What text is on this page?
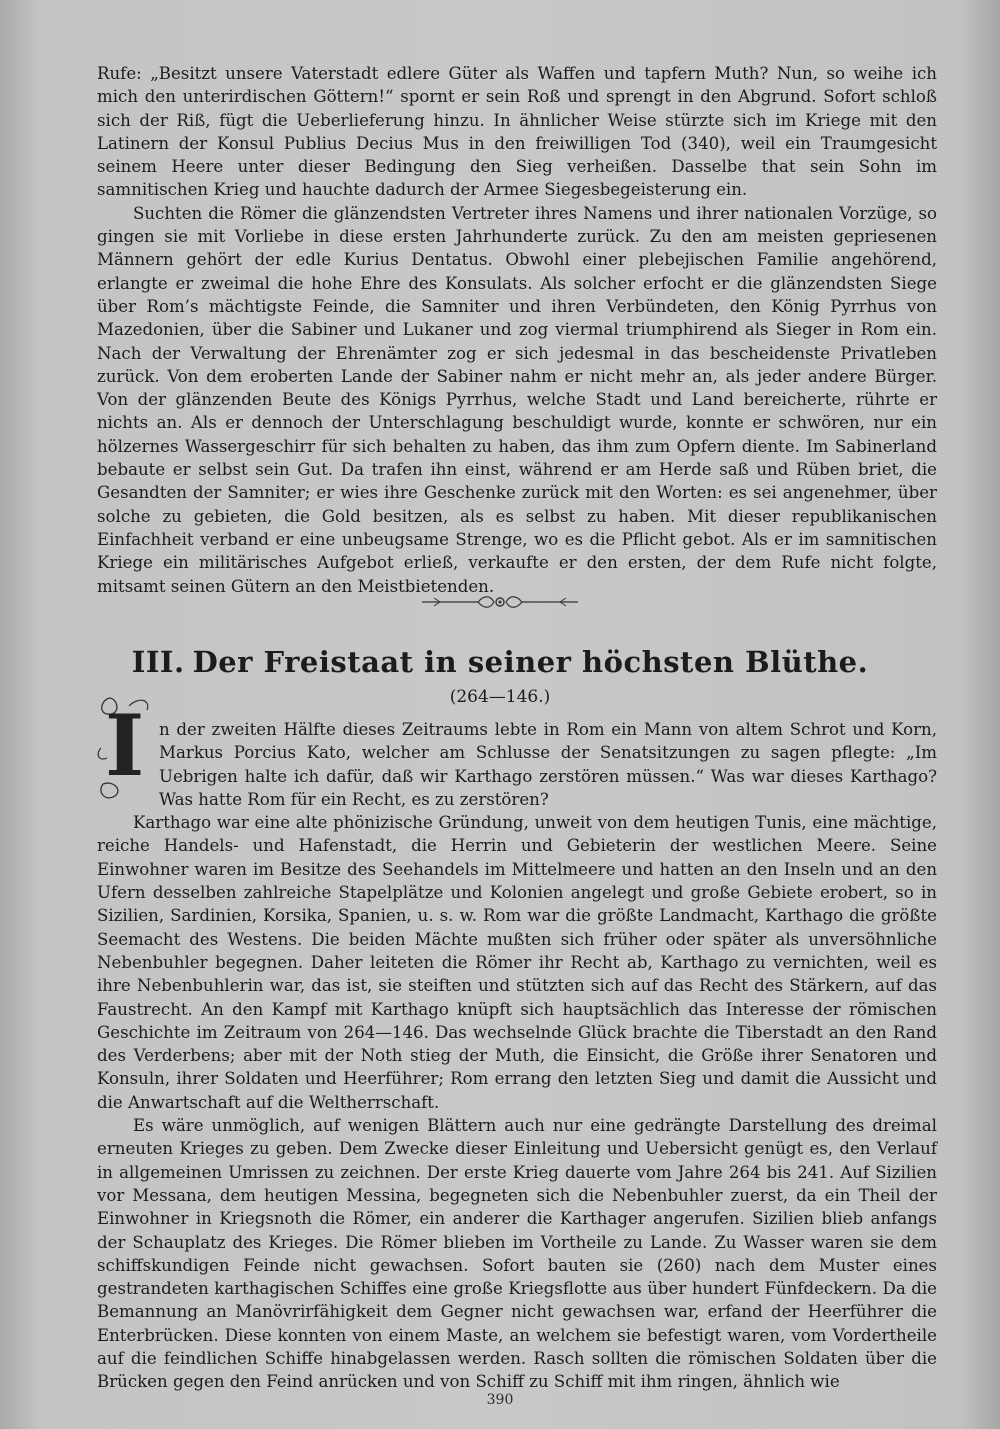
Rufe: „Besitzt unsere Vaterstadt edlere Güter als Waffen und tapfern Muth? Nun, so weihe ich mich den unterirdischen Göttern!“ spornt er sein Roß und sprengt in den Abgrund. Sofort schloß sich der Riß, fügt die Ueberlieferung hinzu. In ähnlicher Weise stürzte sich im Kriege mit den Latinern der Konsul Publius Decius Mus in den freiwilligen Tod (340), weil ein Traumgesicht seinem Heere unter dieser Bedingung den Sieg verheißen. Dasselbe that sein Sohn im samnitischen Krieg und hauchte dadurch der Armee Siegesbegeisterung ein.

Suchten die Römer die glänzendsten Vertreter ihres Namens und ihrer nationalen Vorzüge, so gingen sie mit Vorliebe in diese ersten Jahrhunderte zurück. Zu den am meisten gepriesenen Männern gehört der edle Kurius Dentatus. Obwohl einer plebejischen Familie angehörend, erlangte er zweimal die hohe Ehre des Konsulats. Als solcher erfocht er die glänzendsten Siege über Rom’s mächtigste Feinde, die Samniter und ihren Verbündeten, den König Pyrrhus von Mazedonien, über die Sabiner und Lukaner und zog viermal triumphirend als Sieger in Rom ein. Nach der Verwaltung der Ehrenämter zog er sich jedesmal in das bescheidenste Privatleben zurück. Von dem eroberten Lande der Sabiner nahm er nicht mehr an, als jeder andere Bürger. Von der glänzenden Beute des Königs Pyrrhus, welche Stadt und Land bereicherte, rührte er nichts an. Als er dennoch der Unterschlagung beschuldigt wurde, konnte er schwören, nur ein hölzernes Wassergeschirr für sich behalten zu haben, das ihm zum Opfern diente. Im Sabinerland bebaute er selbst sein Gut. Da trafen ihn einst, während er am Herde saß und Rüben briet, die Gesandten der Samniter; er wies ihre Geschenke zurück mit den Worten: es sei angenehmer, über solche zu gebieten, die Gold besitzen, als es selbst zu haben. Mit dieser republikanischen Einfachheit verband er eine unbeugsame Strenge, wo es die Pflicht gebot. Als er im samnitischen Kriege ein militärisches Aufgebot erließ, verkaufte er den ersten, der dem Rufe nicht folgte, mitsamt seinen Gütern an den Meistbietenden.

III. Der Freistaat in seiner höchsten Blüthe.
(264—146.)
I n der zweiten Hälfte dieses Zeitraums lebte in Rom ein Mann von altem Schrot und Korn, Markus Porcius Kato, welcher am Schlusse der Senatsitzungen zu sagen pflegte: „Im Uebrigen halte ich dafür, daß wir Karthago zerstören müssen.“ Was war dieses Karthago? Was hatte Rom für ein Recht, es zu zerstören?

Karthago war eine alte phönizische Gründung, unweit von dem heutigen Tunis, eine mächtige, reiche Handels- und Hafenstadt, die Herrin und Gebieterin der westlichen Meere. Seine Einwohner waren im Besitze des Seehandels im Mittelmeere und hatten an den Inseln und an den Ufern desselben zahlreiche Stapelplätze und Kolonien angelegt und große Gebiete erobert, so in Sizilien, Sardinien, Korsika, Spanien, u. s. w. Rom war die größte Landmacht, Karthago die größte Seemacht des Westens. Die beiden Mächte mußten sich früher oder später als unversöhnliche Nebenbuhler begegnen. Daher leiteten die Römer ihr Recht ab, Karthago zu vernichten, weil es ihre Nebenbuhlerin war, das ist, sie steiften und stützten sich auf das Recht des Stärkern, auf das Faustrecht. An den Kampf mit Karthago knüpft sich hauptsächlich das Interesse der römischen Geschichte im Zeitraum von 264—146. Das wechselnde Glück brachte die Tiberstadt an den Rand des Verderbens; aber mit der Noth stieg der Muth, die Einsicht, die Größe ihrer Senatoren und Konsuln, ihrer Soldaten und Heerführer; Rom errang den letzten Sieg und damit die Aussicht und die Anwartschaft auf die Weltherrschaft.

Es wäre unmöglich, auf wenigen Blättern auch nur eine gedrängte Darstellung des dreimal erneuten Krieges zu geben. Dem Zwecke dieser Einleitung und Uebersicht genügt es, den Verlauf in allgemeinen Umrissen zu zeichnen. Der erste Krieg dauerte vom Jahre 264 bis 241. Auf Sizilien vor Messana, dem heutigen Messina, begegneten sich die Nebenbuhler zuerst, da ein Theil der Einwohner in Kriegsnoth die Römer, ein anderer die Karthager angerufen. Sizilien blieb anfangs der Schauplatz des Krieges. Die Römer blieben im Vortheile zu Lande. Zu Wasser waren sie dem schiffskundigen Feinde nicht gewachsen. Sofort bauten sie (260) nach dem Muster eines gestrandeten karthagischen Schiffes eine große Kriegsflotte aus über hundert Fünfdeckern. Da die Bemannung an Manövrirfähigkeit dem Gegner nicht gewachsen war, erfand der Heerführer die Enterbrücken. Diese konnten von einem Maste, an welchem sie befestigt waren, vom Vordertheile auf die feindlichen Schiffe hinabgelassen werden. Rasch sollten die römischen Soldaten über die Brücken gegen den Feind anrücken und von Schiff zu Schiff mit ihm ringen, ähnlich wie

390
